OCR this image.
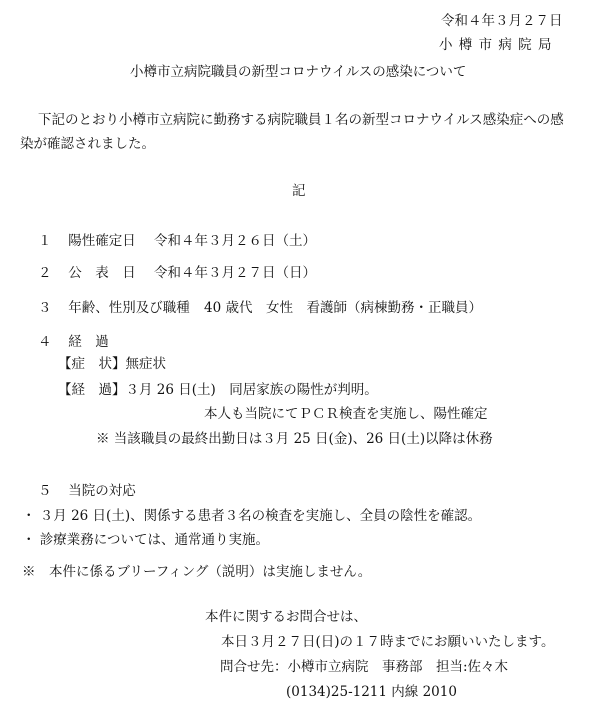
令和４年３月２７日
小 樽 市 病 院 局
小樽市立病院職員の新型コロナウイルスの感染について
下記のとおり小樽市立病院に勤務する病院職員１名の新型コロナウイルス感染症への感
染が確認されました。
記
１ 陽性確定日 令和４年３月２６日（土）
２ 公　表　日 令和４年３月２７日（日）
３ 年齢、性別及び職種 40 歳代　女性　看護師（病棟勤務・正職員）
４ 経　過
【症　状】無症状
【経　過】３月 26 日(土)　同居家族の陽性が判明。
本人も当院にてＰＣＲ検査を実施し、陽性確定
※ 当該職員の最終出勤日は３月 25 日(金)、26 日(土)以降は休務
５ 当院の対応
・ ３月 26 日(土)、関係する患者３名の検査を実施し、全員の陰性を確認。
・ 診療業務については、通常通り実施。
※　本件に係るブリーフィング（説明）は実施しません。
本件に関するお問合せは、
本日３月２７日(日)の１７時までにお願いいたします。
問合せ先：小樽市立病院　事務部　担当:佐々木
(0134)25-1211 内線 2010
